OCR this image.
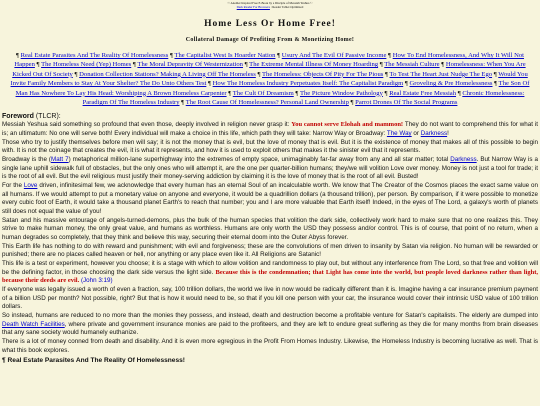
© Another Inspired Free E-Book by a Disciple of Messiah Yeshua ©
Dark Reader For Browsers : Reader Tablet Optimized
Home Less Or Home Free!
Collateral Damage Of Profiting From & Monetizing Home!
¶ Real Estate Parasites And The Reality Of Homelessness ¶ The Capitalist West Is Hoarder Nation ¶ Usury And The Evil Of Passive Income ¶ How To End Homelessness, And Why It Will Not Happen ¶ The Homeless Need (Yep) Homes ¶ The Moral Depravity Of Westernization ¶ The Extreme Mental Illness Of Money Hoarding ¶ The Messiah Culture ¶ Homelessness: When You Are Kicked Out Of Society ¶ Donation Collection Stations? Making A Living Off The Homeless ¶ The Homeless: Objects Of Pity For The Pious ¶ To Test The Heart Just Nudge The Ego ¶ Would You Invite Family Members to Stay At Your Shelter? The Do Unto Others Test ¶ How The Homeless Industry Perpetuates Itself: The Capitalist Paradigm ¶ Groveling & Pre Homelessness ¶ The Son Of Man Has Nowhere To Lay His Head: Worshiping A Brown Homeless Carpenter ¶ The Cult Of Dreamism ¶ The Picture Window Pathology ¶ Real Estate Free Messiah ¶ Chronic Homelessness: Paradigm Of The Homeless Industry ¶ The Root Cause Of Homelessness? Personal Land Ownership ¶ Parrot Drones Of The Social Programs
Foreword (TLCR):

Messiah Yeshua said something so profound that even those, deeply involved in religion never grasp it: You cannot serve Elohah and mammon! They do not want to comprehend this for what it is; an ultimatum: No one will serve both! Every individual will make a choice in this life, which path they will take: Narrow Way or Broadway: The Way or Darkness!

Those who try to justify themselves before men will say; it is not the money that is evil, but the love of money that is evil. But it is the existence of money that makes all of this possible to begin with. It is not the coinage that creates the evil, it is what it represents, and how it is used to exploit others that makes it the sinister evil that it represents.

Broadway is the (Matt 7) metaphorical million-lane superhighway into the extremes of empty space, unimaginably far-far away from any and all star matter; total Darkness. But Narrow Way is a single lane uphill sidewalk full of obstacles, but the only ones who will attempt it, are the one per quarter-billion humans; they/we will volition Love over money. Money is not just a tool for trade; it is the root of all evil. But the evil religious must justify their money-serving addiction by claiming it is the love of money that is the root of all evil. Busted!

For the Love driven, infinitesimal few, we acknowledge that every human has an eternal Soul of an incalculable worth. We know that The Creator of the Cosmos places the exact same value on all humans. If we would attempt to put a monetary value on anyone and everyone, it would be a quadrillion dollars (a thousand trillion), per person. By comparison, if it were possible to monetize every cubic foot of Earth, it would take a thousand planet Earth's to reach that number; you and I are more valuable that Earth itself! Indeed, in the eyes of The Lord, a galaxy's worth of planets still does not equal the value of you!

Satan and his massive entourage of angels-turned-demons, plus the bulk of the human species that volition the dark side, collectively work hard to make sure that no one realizes this. They strive to make human money, the only great value, and humans as worthless. Humans are only worth the USD they possess and/or control. This is of course, that point of no return, when a human degrades so completely, that they think and believe this way, securing their eternal doom into the Outer Abyss forever.

This Earth life has nothing to do with reward and punishment; with evil and forgiveness; these are the convolutions of men driven to insanity by Satan via religion. No human will be rewarded or punished; there are no places called heaven or hell, nor anything or any place even like it. All Religions are Satanic!

This life is a test or experiment, however you choose; it is a stage with which to allow volition and randomness to play out, but without any interference from The Lord, so that free and volition will be the defining factor, in those choosing the dark side versus the light side. Because this is the condemnation; that Light has come into the world, but people loved darkness rather than light, because their deeds are evil. (John 3:19)

If everyone was legally issued a worth of even a fraction, say, 100 trillion dollars, the world we live in now would be radically different than it is. Imagine having a car insurance premium payment of a billion USD per month? Not possible, right? But that is how it would need to be, so that if you kill one person with your car, the insurance would cover their intrinsic USD value of 100 trillion dollars.

So instead, humans are reduced to no more than the monies they possess, and instead, death and destruction become a profitable venture for Satan's capitalists. The elderly are dumped into Death Watch Facilities, where private and government insurance monies are paid to the profiteers, and they are left to endure great suffering as they die for many months from brain diseases that any sane society would humanely euthanize.

There is a lot of money conned from death and disability. And it is even more egregious in the Profit From Homes Industry. Likewise, the Homeless Industry is becoming lucrative as well. That is what this book explores.

¶ Real Estate Parasites And The Reality Of Homelessness!
